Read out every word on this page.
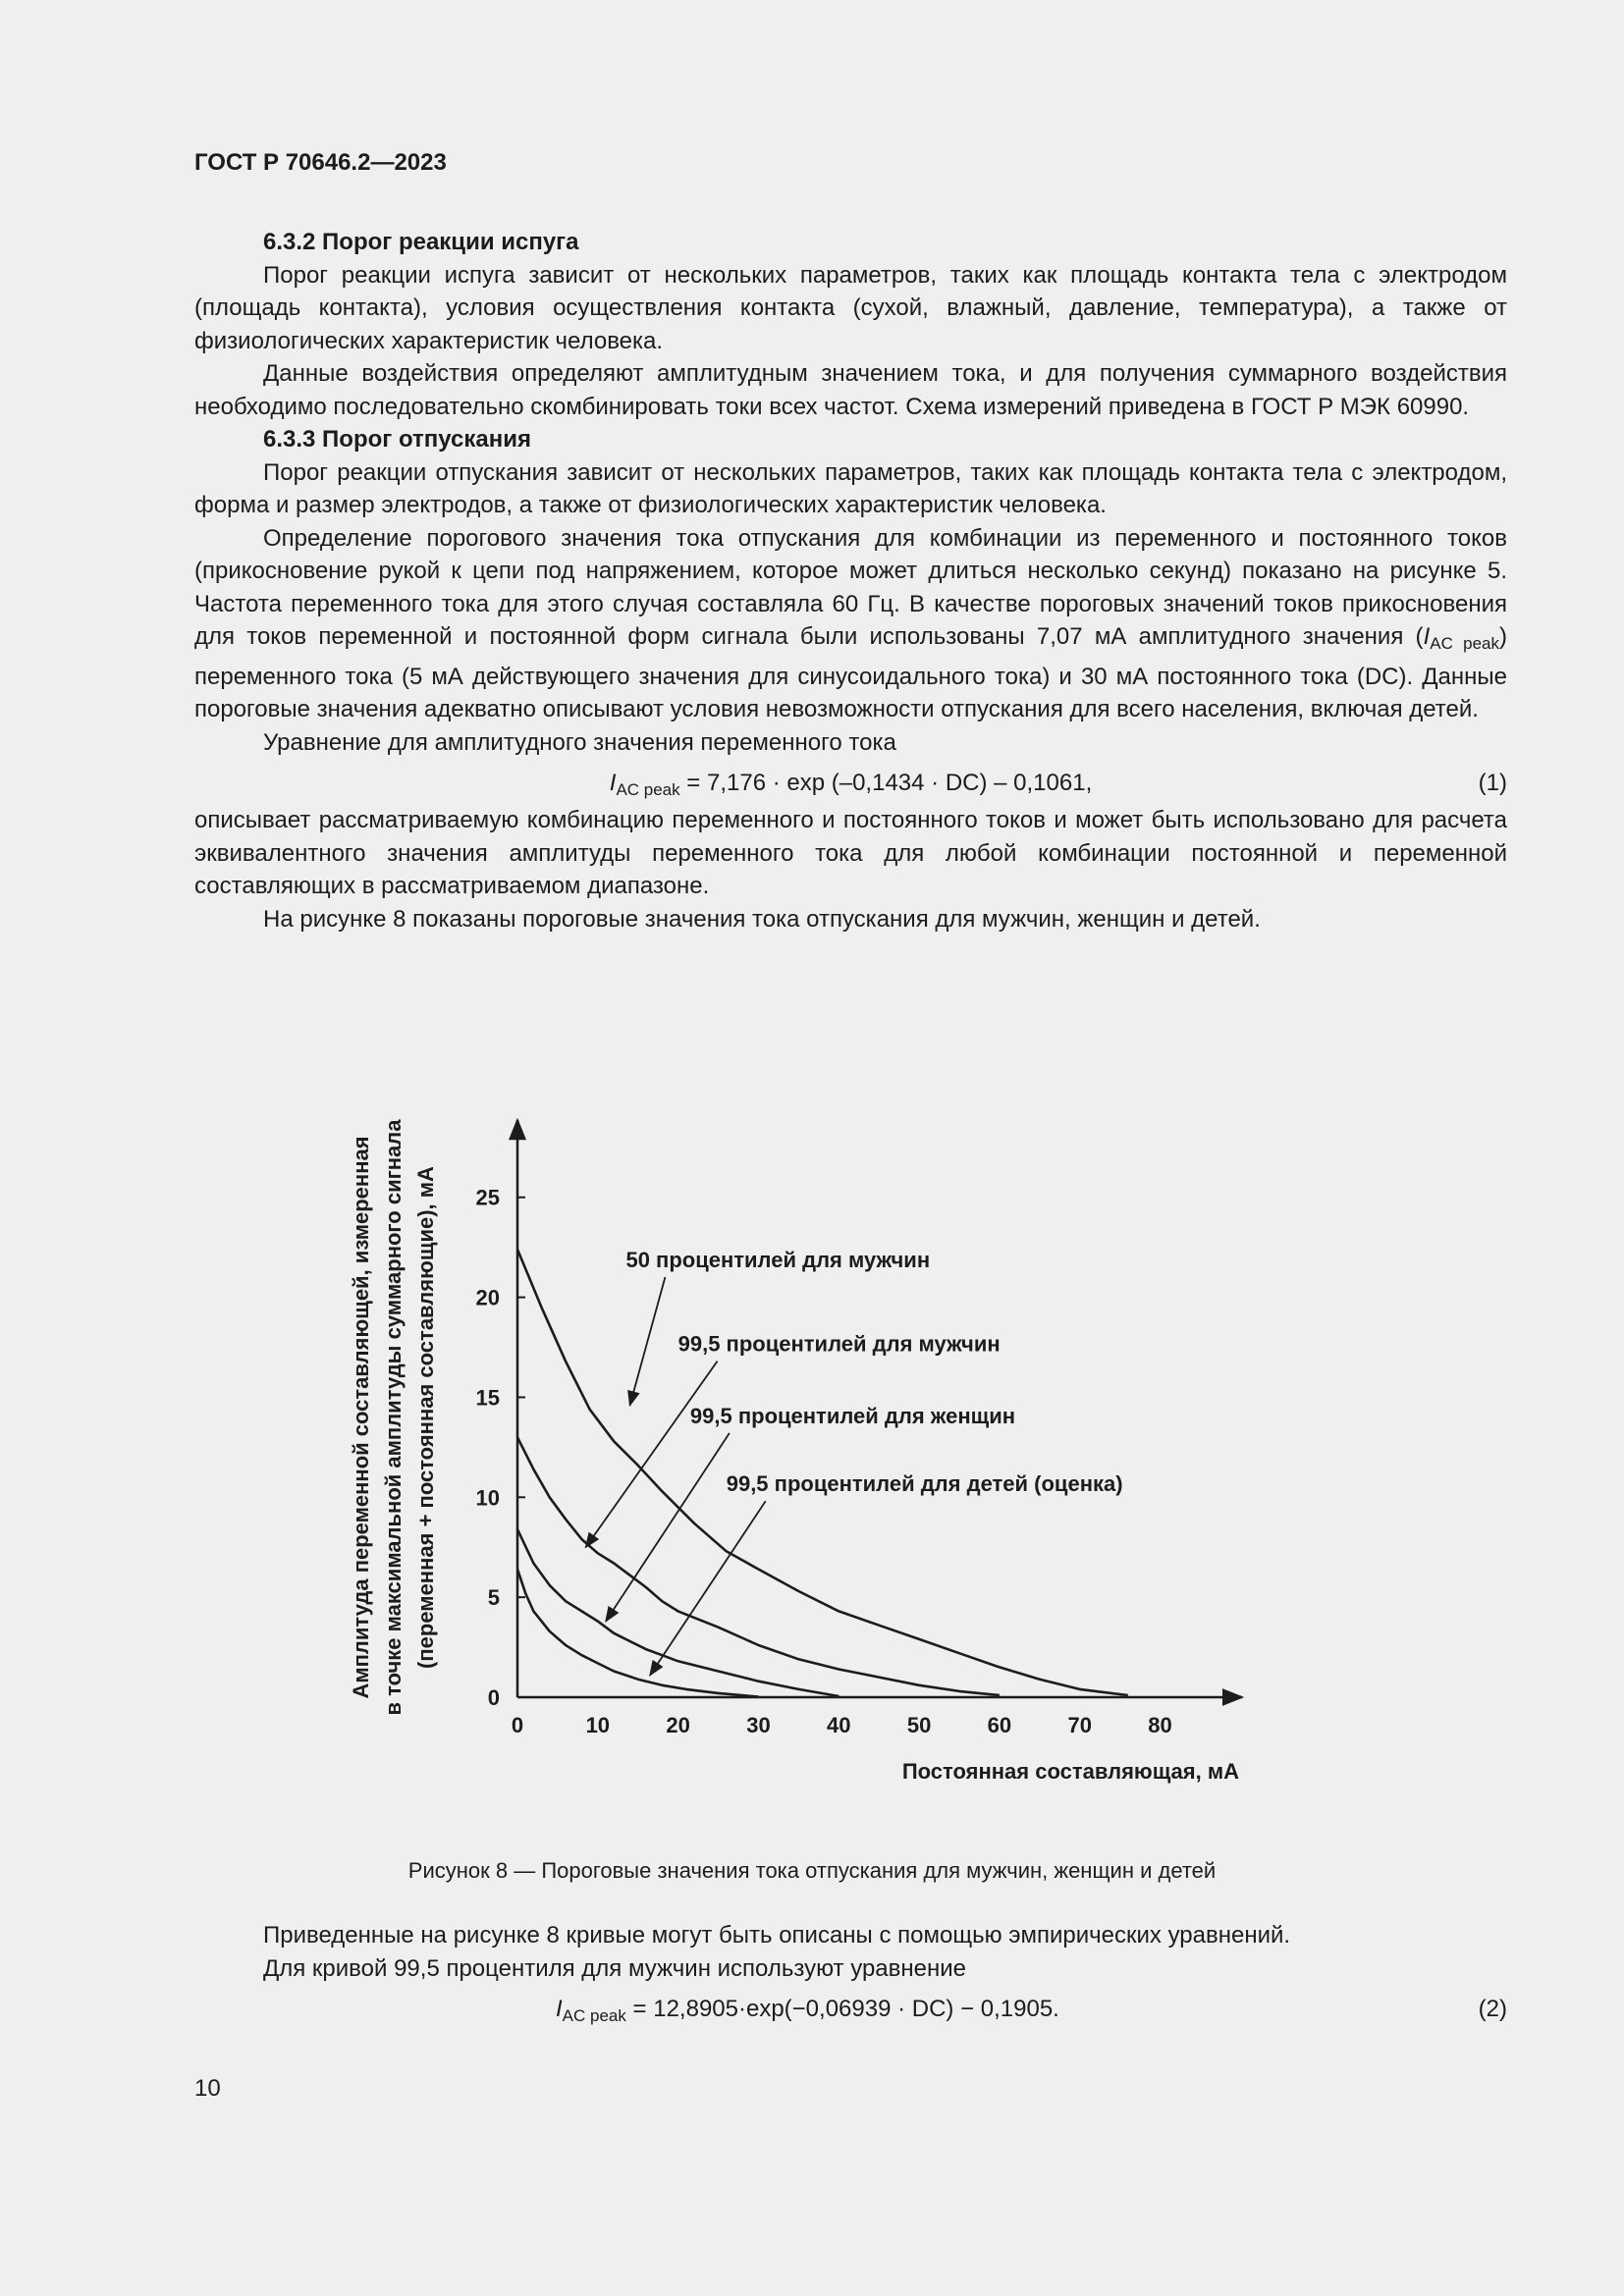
ГОСТ Р 70646.2—2023

6.3.2 Порог реакции испуга

Порог реакции испуга зависит от нескольких параметров, таких как площадь контакта тела с электродом (площадь контакта), условия осуществления контакта (сухой, влажный, давление, температура), а также от физиологических характеристик человека.

Данные воздействия определяют амплитудным значением тока, и для получения суммарного воздействия необходимо последовательно скомбинировать токи всех частот. Схема измерений приведена в ГОСТ Р МЭК 60990.

6.3.3 Порог отпускания

Порог реакции отпускания зависит от нескольких параметров, таких как площадь контакта тела с электродом, форма и размер электродов, а также от физиологических характеристик человека.

Определение порогового значения тока отпускания для комбинации из переменного и постоянного токов (прикосновение рукой к цепи под напряжением, которое может длиться несколько секунд) показано на рисунке 5. Частота переменного тока для этого случая составляла 60 Гц. В качестве пороговых значений токов прикосновения для токов переменной и постоянной форм сигнала были использованы 7,07 мА амплитудного значения $(I_{AC peak})$ переменного тока (5 мА действующего значения для синусоидального тока) и 30 мА постоянного тока (DC). Данные пороговые значения адекватно описывают условия невозможности отпускания для всего населения, включая детей.

Уравнение для амплитудного значения переменного тока

$I_{AC peak} = 7,176 \cdot \exp (-0,1434 \cdot DC) - 0,1061$,	(1)

описывает рассматриваемую комбинацию переменного и постоянного токов и может быть использовано для расчета эквивалентного значения амплитуды переменного тока для любой комбинации постоянной и переменной составляющих в рассматриваемом диапазоне.

На рисунке 8 показаны пороговые значения тока отпускания для мужчин, женщин и детей.

0	10	20	30	40	50	60	70	80
0
5
10
15
20
25
Постоянная составляющая, мА
Амплитуда переменной составляющей, измеренная в точке максимальной амплитуды суммарного сигнала (переменная + постоянная составляющие), мА	50 процентилей для мужчин
99,5 процентилей для мужчин
99,5 процентилей для женщин
99,5 процентилей для детей (оценка)

Рисунок 8 — Пороговые значения тока отпускания для мужчин, женщин и детей

Приведенные на рисунке 8 кривые могут быть описаны с помощью эмпирических уравнений.

Для кривой 99,5 процентиля для мужчин используют уравнение

$I_{AC peak} = 12,8905\cdot\exp(-0,06939 \cdot DC) - 0,1905$.	(2)

10
